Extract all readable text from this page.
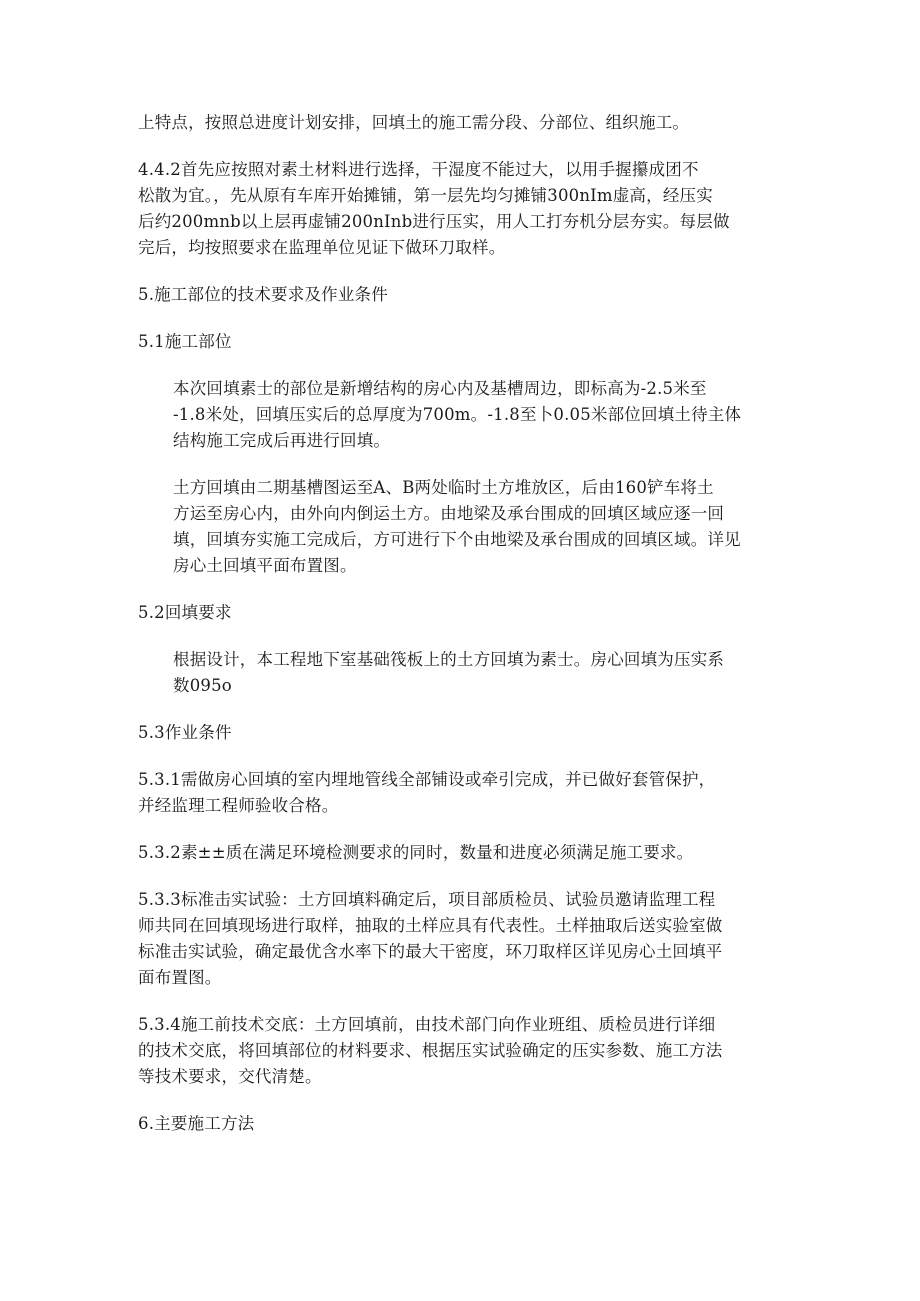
上特点，按照总进度计划安排，回填土的施工需分段、分部位、组织施工。

4.4.2首先应按照对素土材料进行选择，干湿度不能过大，以用手握攥成团不
松散为宜。，先从原有车库开始摊铺，第一层先均匀摊铺300nIm虚高，经压实
后约200mnb以上层再虚铺200nInb进行压实，用人工打夯机分层夯实。每层做
完后，均按照要求在监理单位见证下做环刀取样。

5.施工部位的技术要求及作业条件

5.1施工部位

本次回填素士的部位是新增结构的房心内及基槽周边，即标高为-2.5米至
-1.8米处，回填压实后的总厚度为700m。-1.8至卜0.05米部位回填土待主体
结构施工完成后再进行回填。

土方回填由二期基槽图运至A、B两处临时土方堆放区，后由160铲车将土
方运至房心内，由外向内倒运土方。由地梁及承台围成的回填区域应逐一回
填，回填夯实施工完成后，方可进行下个由地梁及承台围成的回填区域。详见
房心土回填平面布置图。

5.2回填要求

根据设计，本工程地下室基础筏板上的土方回填为素士。房心回填为压实系
数095o

5.3作业条件

5.3.1需做房心回填的室内埋地管线全部铺设或牵引完成，并已做好套管保护，
并经监理工程师验收合格。

5.3.2素±±质在满足环境检测要求的同时，数量和进度必须满足施工要求。

5.3.3标准击实试验：土方回填料确定后，项目部质检员、试验员邀请监理工程
师共同在回填现场进行取样，抽取的土样应具有代表性。土样抽取后送实验室做
标准击实试验，确定最优含水率下的最大干密度，环刀取样区详见房心土回填平
面布置图。

5.3.4施工前技术交底：土方回填前，由技术部门向作业班组、质检员进行详细
的技术交底，将回填部位的材料要求、根据压实试验确定的压实参数、施工方法
等技术要求，交代清楚。

6.主要施工方法
